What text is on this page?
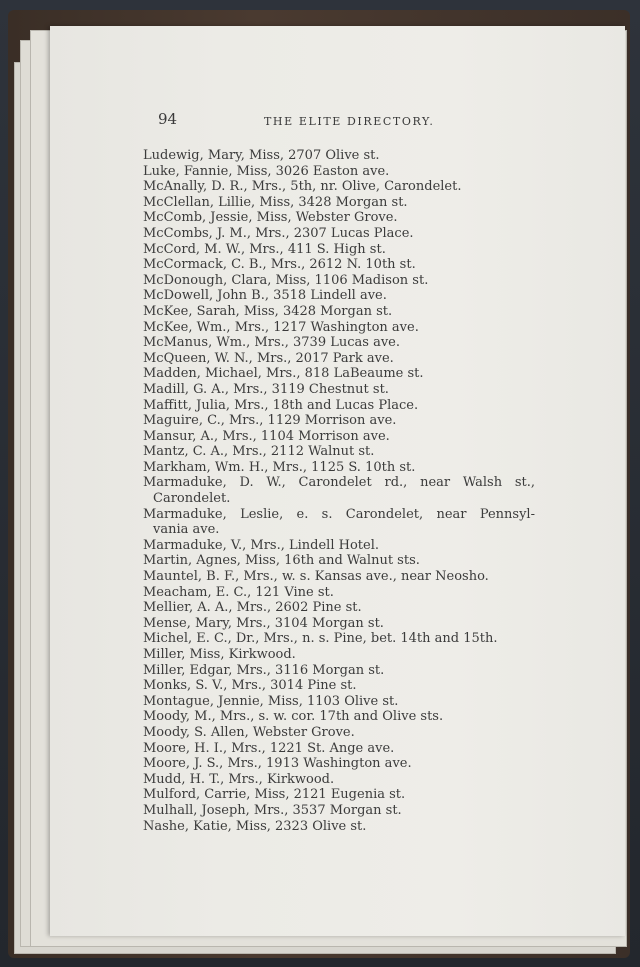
94	THE ELITE DIRECTORY.
Ludewig, Mary, Miss, 2707 Olive st.
Luke, Fannie, Miss, 3026 Easton ave.
McAnally, D. R., Mrs., 5th, nr. Olive, Carondelet.
McClellan, Lillie, Miss, 3428 Morgan st.
McComb, Jessie, Miss, Webster Grove.
McCombs, J. M., Mrs., 2307 Lucas Place.
McCord, M. W., Mrs., 411 S. High st.
McCormack, C. B., Mrs., 2612 N. 10th st.
McDonough, Clara, Miss, 1106 Madison st.
McDowell, John B., 3518 Lindell ave.
McKee, Sarah, Miss, 3428 Morgan st.
McKee, Wm., Mrs., 1217 Washington ave.
McManus, Wm., Mrs., 3739 Lucas ave.
McQueen, W. N., Mrs., 2017 Park ave.
Madden, Michael, Mrs., 818 LaBeaume st.
Madill, G. A., Mrs., 3119 Chestnut st.
Maffitt, Julia, Mrs., 18th and Lucas Place.
Maguire, C., Mrs., 1129 Morrison ave.
Mansur, A., Mrs., 1104 Morrison ave.
Mantz, C. A., Mrs., 2112 Walnut st.
Markham, Wm. H., Mrs., 1125 S. 10th st.
Marmaduke, D. W., Carondelet rd., near Walsh st.,
Carondelet.
Marmaduke, Leslie, e. s. Carondelet, near Pennsyl-
vania ave.
Marmaduke, V., Mrs., Lindell Hotel.
Martin, Agnes, Miss, 16th and Walnut sts.
Mauntel, B. F., Mrs., w. s. Kansas ave., near Neosho.
Meacham, E. C., 121 Vine st.
Mellier, A. A., Mrs., 2602 Pine st.
Mense, Mary, Mrs., 3104 Morgan st.
Michel, E. C., Dr., Mrs., n. s. Pine, bet. 14th and 15th.
Miller, Miss, Kirkwood.
Miller, Edgar, Mrs., 3116 Morgan st.
Monks, S. V., Mrs., 3014 Pine st.
Montague, Jennie, Miss, 1103 Olive st.
Moody, M., Mrs., s. w. cor. 17th and Olive sts.
Moody, S. Allen, Webster Grove.
Moore, H. I., Mrs., 1221 St. Ange ave.
Moore, J. S., Mrs., 1913 Washington ave.
Mudd, H. T., Mrs., Kirkwood.
Mulford, Carrie, Miss, 2121 Eugenia st.
Mulhall, Joseph, Mrs., 3537 Morgan st.
Nashe, Katie, Miss, 2323 Olive st.
